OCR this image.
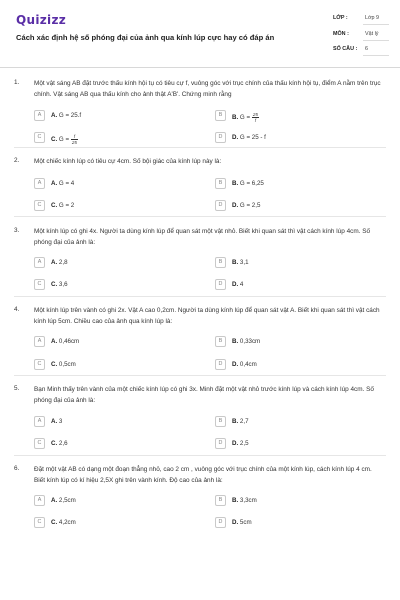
Quizizz
Cách xác định hệ số phóng đại của ảnh qua kính lúp cực hay có đáp án
LỚP :	Lớp 9
MÔN :	Vật lý
SỐ CÂU : 6
1. Một vật sáng AB đặt trước thấu kính hội tụ có tiêu cự f, vuông góc với trục chính của thấu kính hội tụ, điểm A nằm trên trục chính. Vật sáng AB qua thấu kính cho ảnh thật A'B'. Chứng minh rằng
A	A. G = 25.f	B	B. $G = \frac{25}{f}$
C	C. $G = \frac{f}{25}$	D	D. G = 25 - f
2. Một chiếc kính lúp có tiêu cự 4cm. Số bội giác của kính lúp này là:
A	A. G = 4	B	B. G = 6,25
C	C. G = 2	D	D. G = 2,5
3. Một kính lúp có ghi 4x. Người ta dùng kính lúp để quan sát một vật nhỏ. Biết khi quan sát thì vật cách kính lúp 4cm. Số phóng đại của ảnh là:
A	A. 2,8	B	B. 3,1
C	C. 3,6	D	D. 4
4. Một kính lúp trên vành có ghi 2x. Vật A cao 0,2cm. Người ta dùng kính lúp để quan sát vật A. Biết khi quan sát thì vật cách kính lúp 5cm. Chiều cao của ảnh qua kính lúp là:
A	A. 0,46cm	B	B. 0,33cm
C	C. 0,5cm	D	D. 0,4cm
5. Bạn Minh thấy trên vành của một chiếc kính lúp có ghi 3x. Minh đặt một vật nhỏ trước kính lúp và cách kính lúp 4cm. Số phóng đại của ảnh là:
A	A. 3	B	B. 2,7
C	C. 2,6	D	D. 2,5
6. Đặt một vật AB có dạng một đoạn thẳng nhỏ, cao 2 cm , vuông góc với trục chính của một kính lúp, cách kính lúp 4 cm. Biết kính lúp có kí hiệu 2,5X ghi trên vành kính. Độ cao của ảnh là:
A	A. 2,5cm	B	B. 3,3cm
C	C. 4,2cm	D	D. 5cm
